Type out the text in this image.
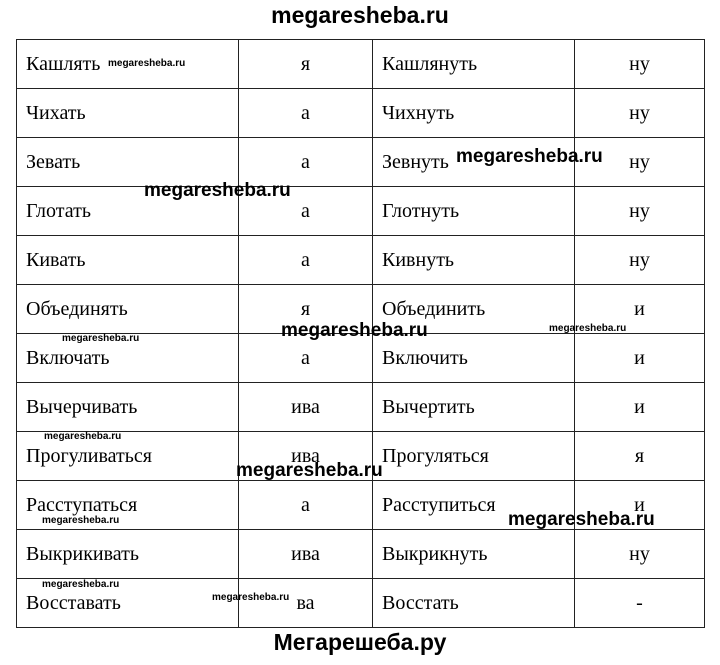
megaresheba.ru
Кашлять	я	Кашлянуть	ну
Чихать	а	Чихнуть	ну
Зевать	а	Зевнуть	ну
Глотать	а	Глотнуть	ну
Кивать	а	Кивнуть	ну
Объединять	я	Объединить	и
Включать	а	Включить	и
Вычерчивать	ива	Вычертить	и
Прогуливаться	ива	Прогуляться	я
Расступаться	а	Расступиться	и
Выкрикивать	ива	Выкрикнуть	ну
Восставать	ва	Восстать	-
megaresheba.ru
megaresheba.ru
megaresheba.ru
megaresheba.ru	megaresheba.ru	megaresheba.ru
megaresheba.ru
megaresheba.ru
megaresheba.ru
megaresheba.ru
megaresheba.ru
megaresheba.ru
Мегарешеба.ру
